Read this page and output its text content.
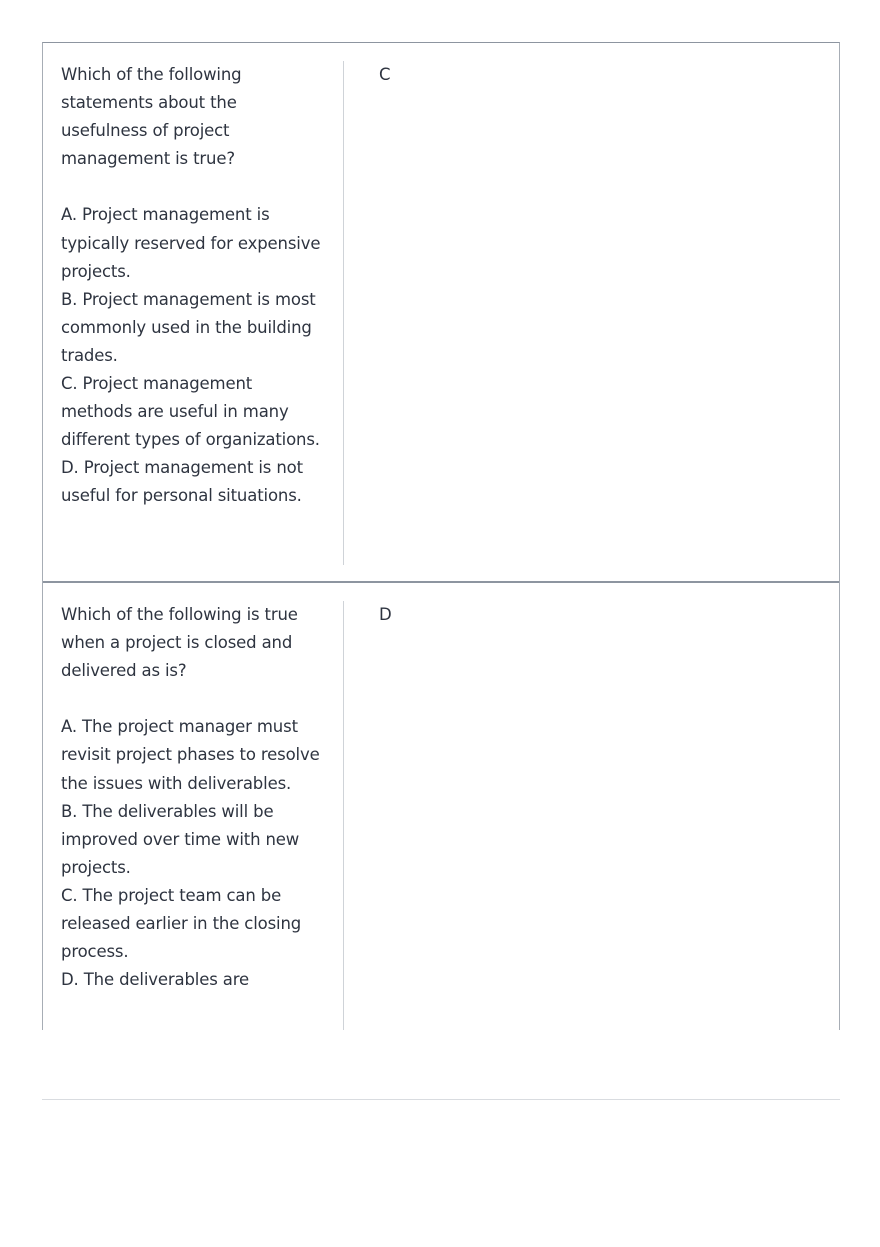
Which of the following statements about the usefulness of project management is true?

A. Project management is typically reserved for expensive projects.
B. Project management is most commonly used in the building trades.
C. Project management methods are useful in many different types of organizations.
D. Project management is not useful for personal situations.
C
Which of the following is true when a project is closed and delivered as is?

A. The project manager must revisit project phases to resolve the issues with deliverables.
B. The deliverables will be improved over time with new projects.
C. The project team can be released earlier in the closing process.
D. The deliverables are
D
